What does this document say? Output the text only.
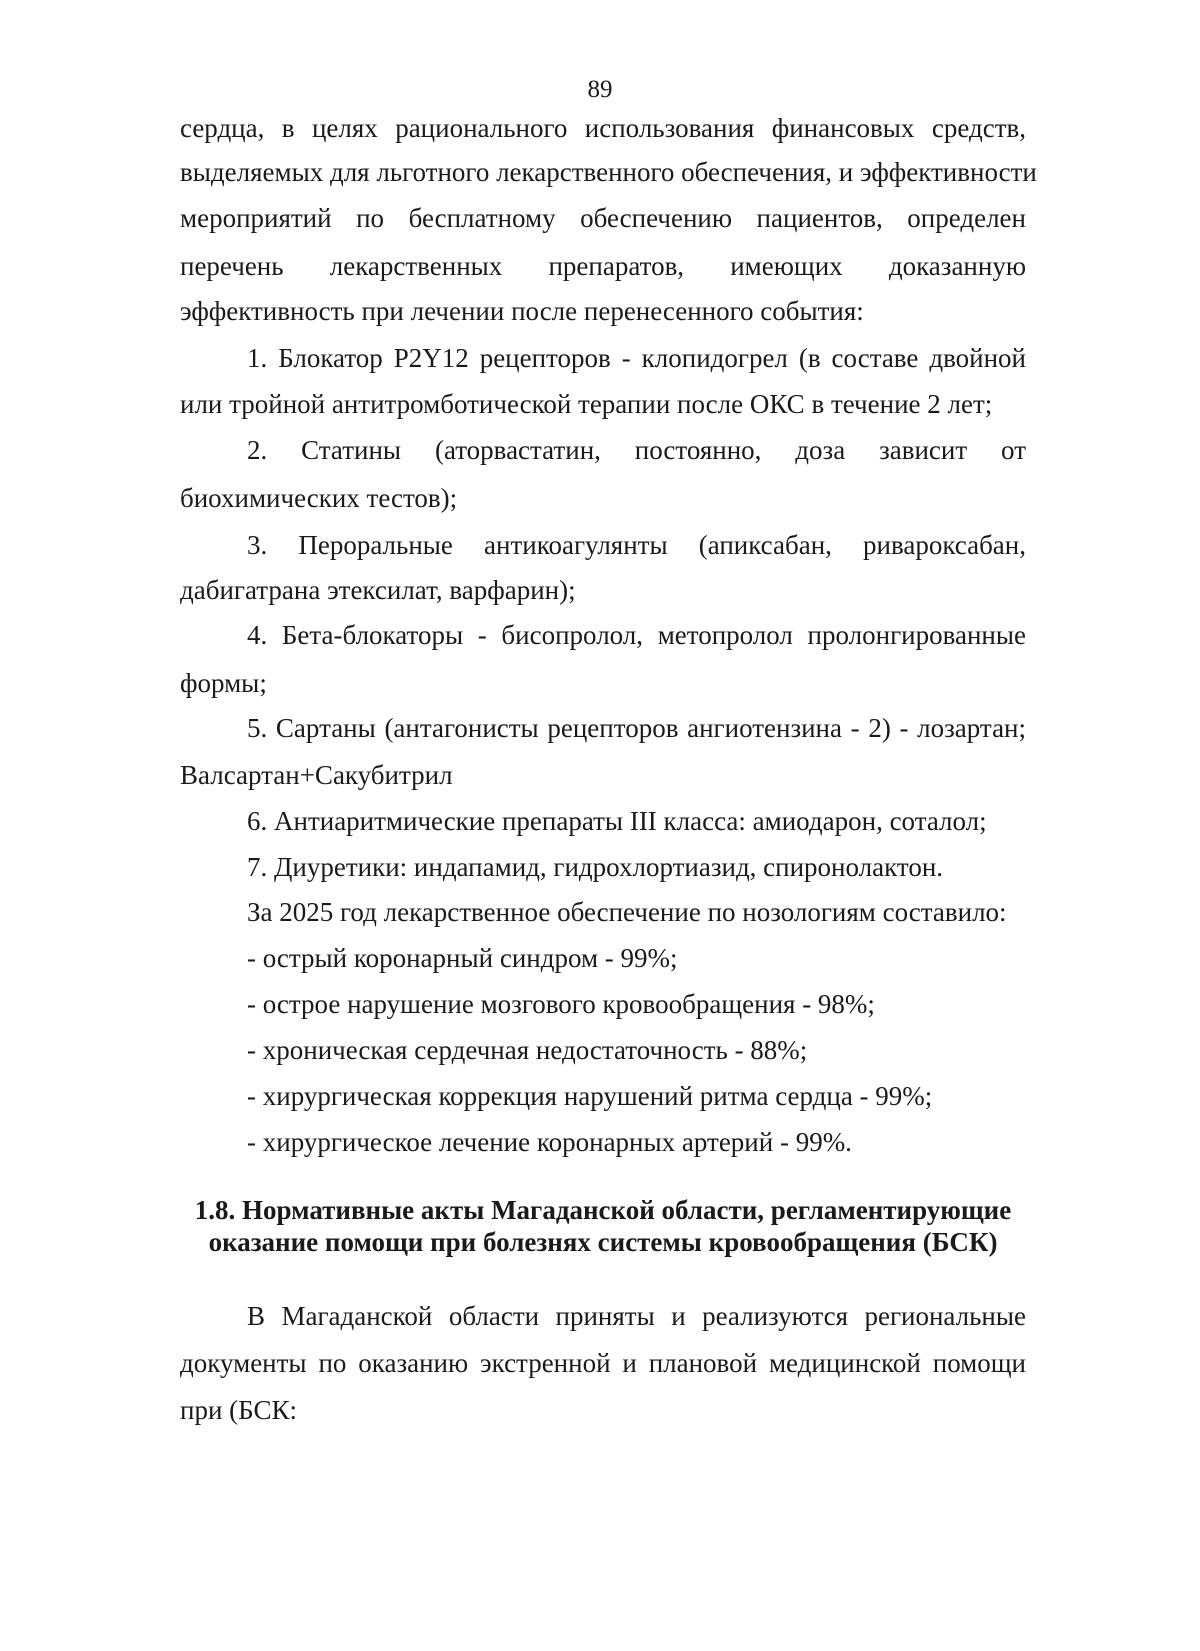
89
сердца, в целях рационального использования финансовых средств,
выделяемых для льготного лекарственного обеспечения, и эффективности
мероприятий по бесплатному обеспечению пациентов, определен
перечень лекарственных препаратов, имеющих доказанную
эффективность при лечении после перенесенного события:
1. Блокатор P2Y12 рецепторов - клопидогрел (в составе двойной
или тройной антитромботической терапии после ОКС в течение 2 лет;
2. Статины (аторвастатин, постоянно, доза зависит от
биохимических тестов);
3. Пероральные антикоагулянты (апиксабан, ривароксабан,
дабигатрана этексилат, варфарин);
4. Бета-блокаторы - бисопролол, метопролол пролонгированные
формы;
5. Сартаны (антагонисты рецепторов ангиотензина - 2) - лозартан;
Валсартан+Сакубитрил
6. Антиаритмические препараты III класса: амиодарон, соталол;
7. Диуретики: индапамид, гидрохлортиазид, спиронолактон.
За 2025 год лекарственное обеспечение по нозологиям составило:
- острый коронарный синдром - 99%;
- острое нарушение мозгового кровообращения - 98%;
- хроническая сердечная недостаточность - 88%;
- хирургическая коррекция нарушений ритма сердца - 99%;
- хирургическое лечение коронарных артерий - 99%.
1.8. Нормативные акты Магаданской области, регламентирующие
оказание помощи при болезнях системы кровообращения (БСК)
В Магаданской области приняты и реализуются региональные
документы по оказанию экстренной и плановой медицинской помощи
при (БСК:
